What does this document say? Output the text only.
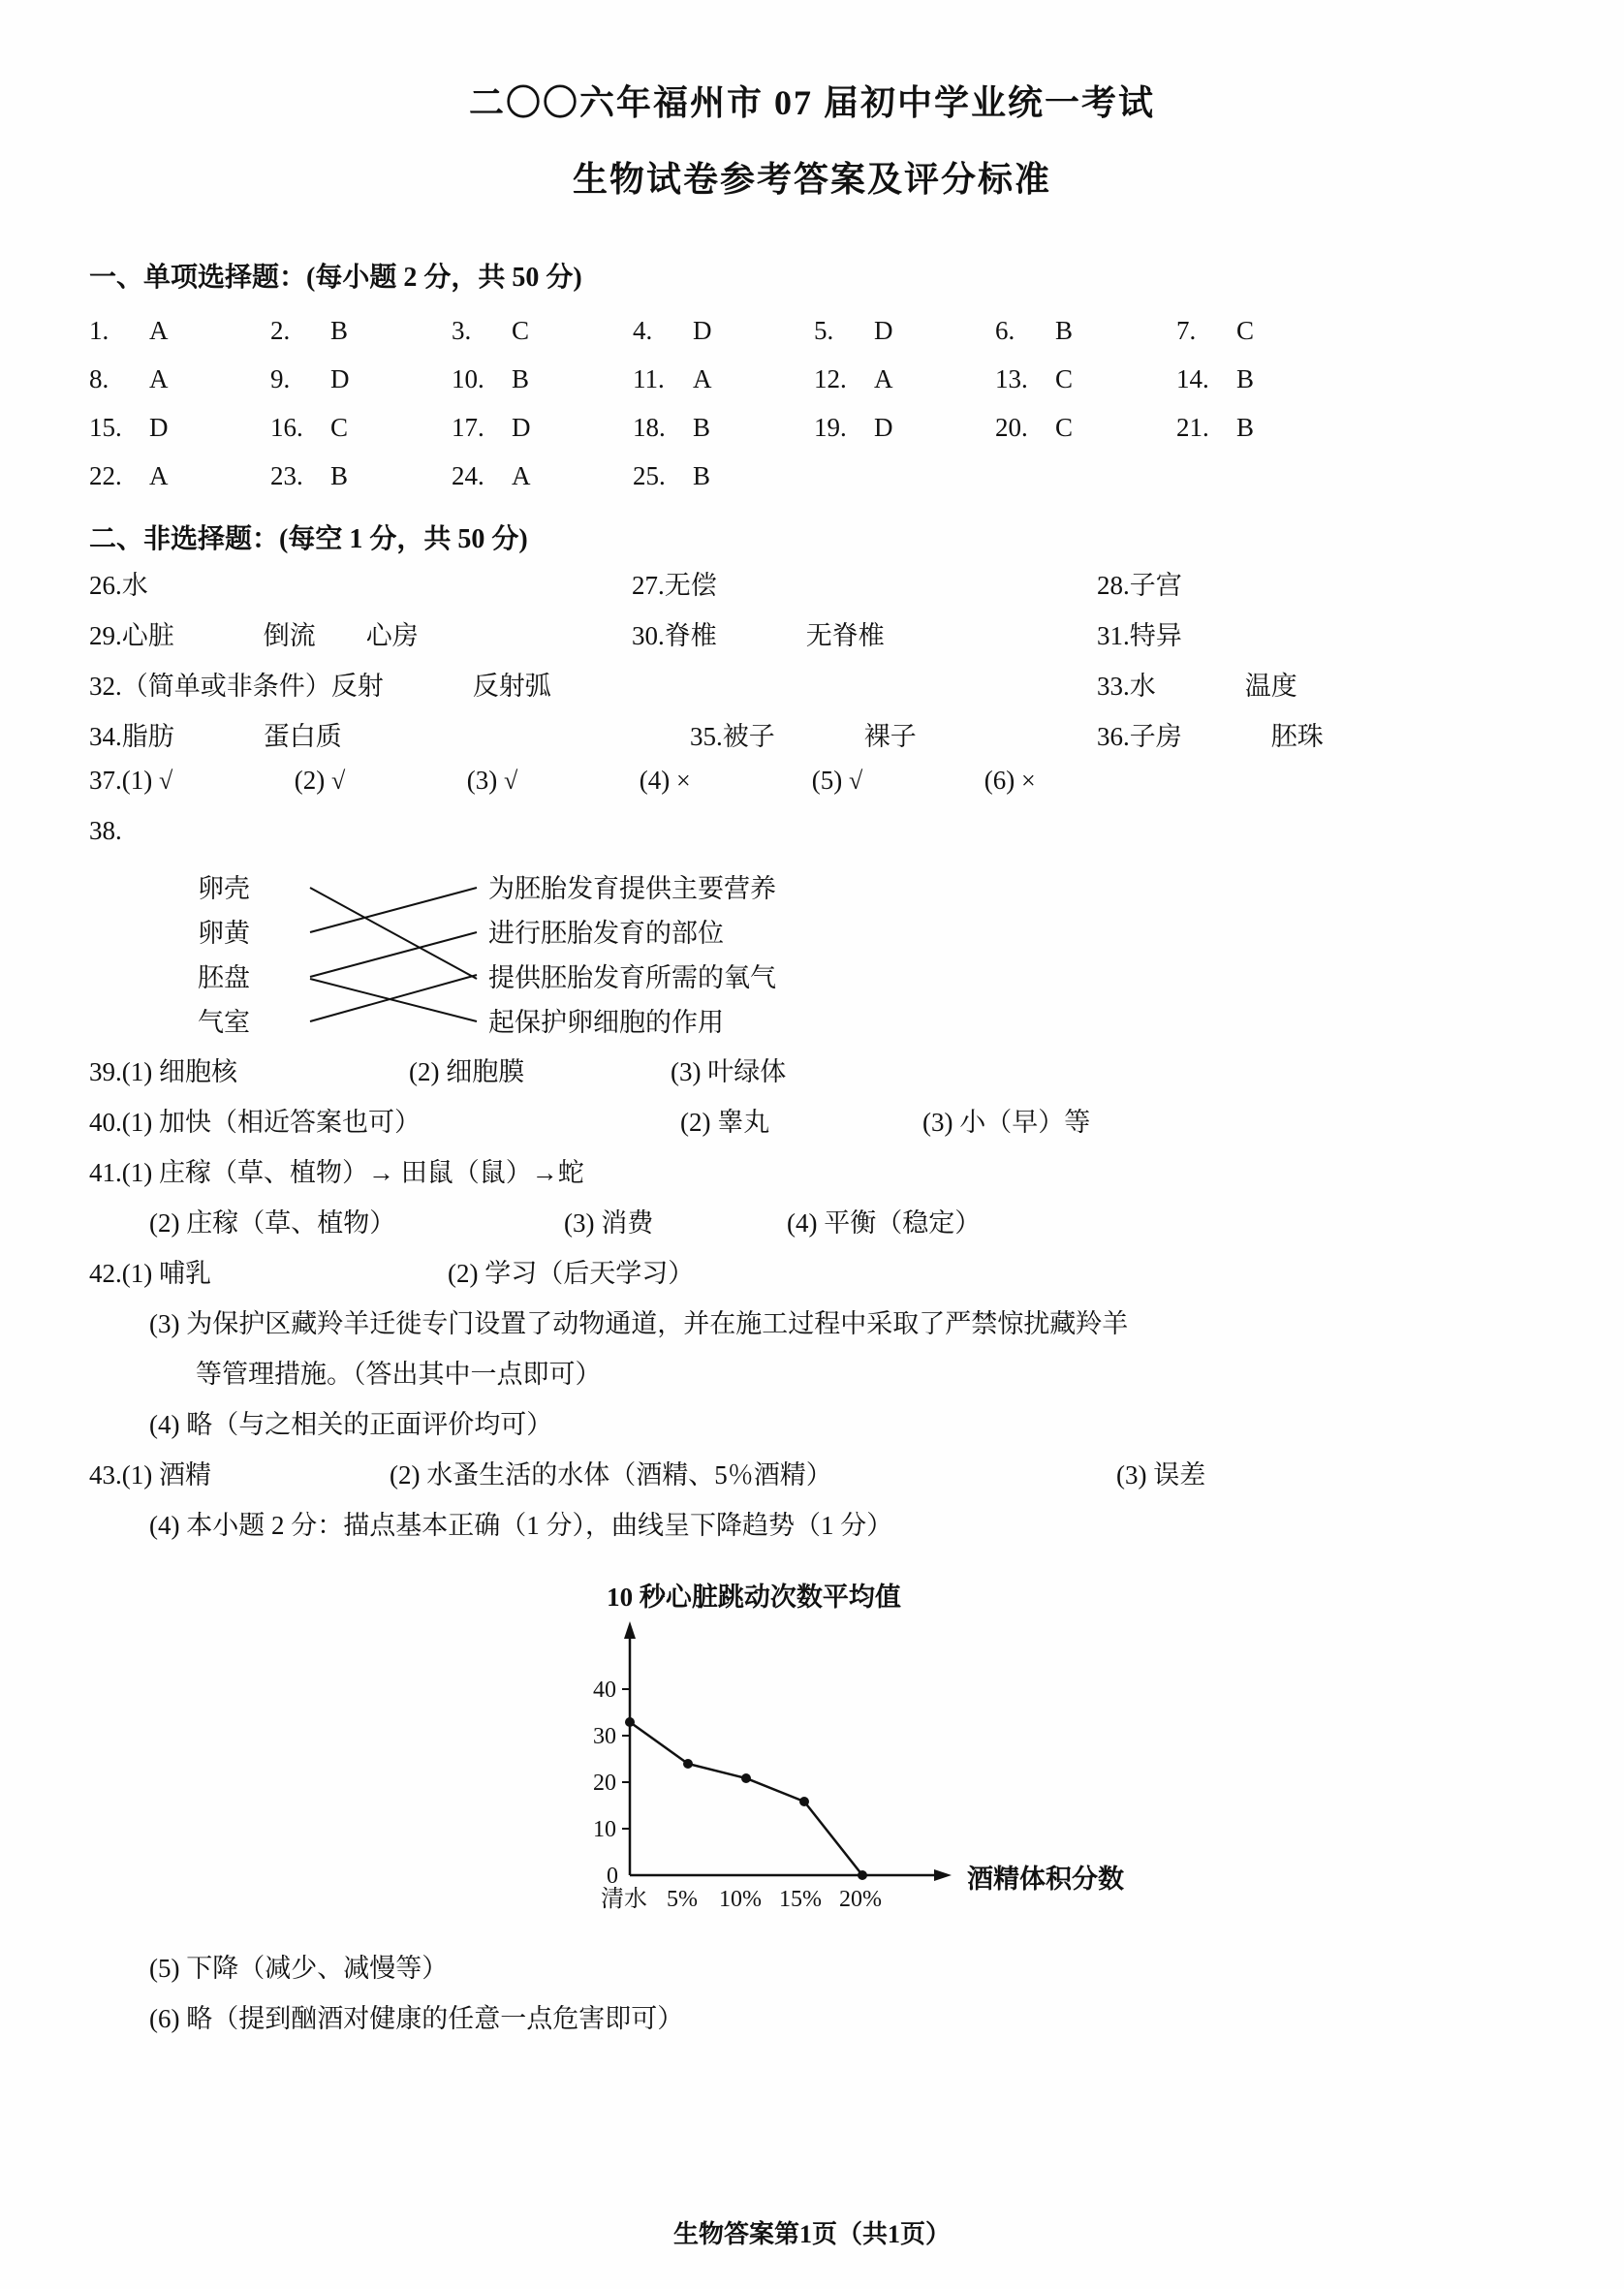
二〇〇六年福州市 07 届初中学业统一考试
生物试卷参考答案及评分标准
一、单项选择题：(每小题 2 分，共 50 分)
1.	A	2.	B	3.	C	4.	D	5.	D	6.	B	7.	C
8.	A	9.	D	10.	B	11.	A	12.	A	13.	C	14.	B
15.	D	16.	C	17.	D	18.	B	19.	D	20.	C	21.	B
22.	A	23.	B	24.	A	25.	B
二、非选择题：(每空 1 分，共 50 分)
26.水	27.无偿	28.子宫
29.心脏	倒流 心房	30.脊椎	无脊椎	31.特异
32.（简单或非条件）反射	反射弧	33.水	温度
34.脂肪	蛋白质	35.被子	裸子	36.子房	胚珠
37. (1) √	(2) √	(3) √	(4) ×	(5) √	(6) ×
38.
卵壳
卵黄
胚盘
气室
为胚胎发育提供主要营养
进行胚胎发育的部位
提供胚胎发育所需的氧气
起保护卵细胞的作用
39.(1) 细胞核	(2) 细胞膜	(3) 叶绿体
40.(1) 加快（相近答案也可）	(2) 睾丸	(3) 小（早）等
41.(1) 庄稼（草、植物）→ 田鼠（鼠）→蛇
(2) 庄稼（草、植物）	(3) 消费	(4) 平衡（稳定）
42.(1) 哺乳	(2) 学习（后天学习）
(3) 为保护区藏羚羊迁徙专门设置了动物通道，并在施工过程中采取了严禁惊扰藏羚羊
等管理措施。（答出其中一点即可）
(4) 略（与之相关的正面评价均可）
43.(1) 酒精	(2) 水蚤生活的水体（酒精、5％酒精）	(3) 误差
(4) 本小题 2 分：描点基本正确（1 分），曲线呈下降趋势（1 分）
10 秒心脏跳动次数平均值
40
30
20
10
0
清水 5% 10% 15% 20%
酒精体积分数
(5) 下降（减少、减慢等）
(6) 略（提到酗酒对健康的任意一点危害即可）
生物答案第1页（共1页）
